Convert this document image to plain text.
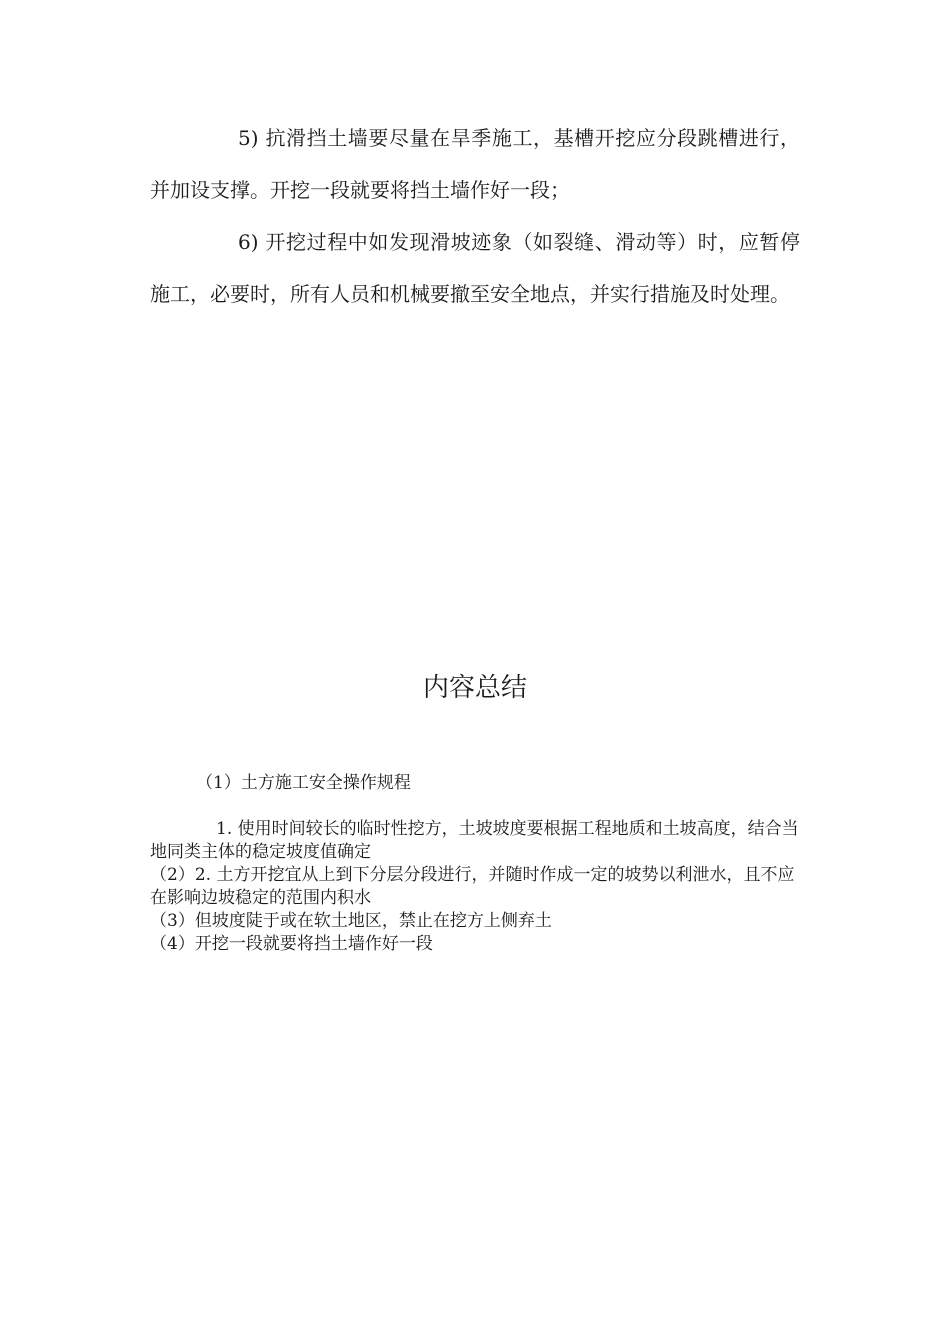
5) 抗滑挡土墙要尽量在旱季施工，基槽开挖应分段跳槽进行，并加设支撑。开挖一段就要将挡土墙作好一段；

6) 开挖过程中如发现滑坡迹象（如裂缝、滑动等）时，应暂停施工，必要时，所有人员和机械要撤至安全地点，并实行措施及时处理。

内容总结
（1）土方施工安全操作规程
1. 使用时间较长的临时性挖方，土坡坡度要根据工程地质和土坡高度，结合当地同类主体的稳定坡度值确定
（2）2. 土方开挖宜从上到下分层分段进行，并随时作成一定的坡势以利泄水，且不应在影响边坡稳定的范围内积水
（3）但坡度陡于或在软土地区，禁止在挖方上侧弃土
（4）开挖一段就要将挡土墙作好一段
